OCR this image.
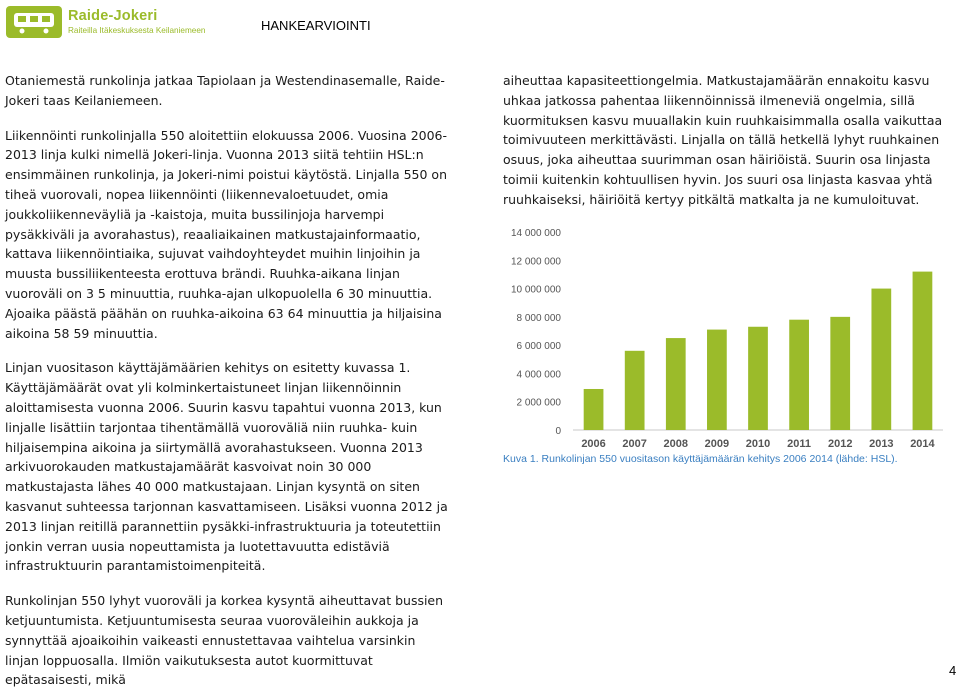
Raide-Jokeri
Raiteilla Itäkeskuksesta Keilaniemeen	HANKEARVIOINTI

Otaniemestä runkolinja jatkaa Tapiolaan ja Westendinasemalle, Raide-Jokeri taas Keilaniemeen.

Liikennöinti runkolinjalla 550 aloitettiin elokuussa 2006. Vuosina 2006-2013 linja kulki nimellä Jokeri-linja. Vuonna 2013 siitä tehtiin HSL:n ensimmäinen runkolinja, ja Jokeri-nimi poistui käytöstä. Linjalla 550 on tiheä vuorovali, nopea liikennöinti (liikennevaloetuudet, omia joukkoliikenneväyliä ja -kaistoja, muita bussilinjoja harvempi pysäkkiväli ja avorahastus), reaaliaikainen matkustajainformaatio, kattava liikennöintiaika, sujuvat vaihdoyhteydet muihin linjoihin ja muusta bussiliikenteesta erottuva brändi. Ruuhka-aikana linjan vuoroväli on 3 5 minuuttia, ruuhka-ajan ulkopuolella 6 30 minuuttia. Ajoaika päästä päähän on ruuhka-aikoina 63 64 minuuttia ja hiljaisina aikoina 58 59 minuuttia.

Linjan vuositason käyttäjämäärien kehitys on esitetty kuvassa 1. Käyttäjämäärät ovat yli kolminkertaistuneet linjan liikennöinnin aloittamisesta vuonna 2006. Suurin kasvu tapahtui vuonna 2013, kun linjalle lisättiin tarjontaa tihentämällä vuoroväliä niin ruuhka- kuin hiljaisempina aikoina ja siirtymällä avorahastukseen. Vuonna 2013 arkivuorokauden matkustajamäärät kasvoivat noin 30 000 matkustajasta lähes 40 000 matkustajaan. Linjan kysyntä on siten kasvanut suhteessa tarjonnan kasvattamiseen. Lisäksi vuonna 2012 ja 2013 linjan reitillä parannettiin pysäkki-infrastruktuuria ja toteutettiin jonkin verran uusia nopeuttamista ja luotettavuutta edistäviä infrastruktuurin parantamistoimenpiteitä.

Runkolinjan 550 lyhyt vuoroväli ja korkea kysyntä aiheuttavat bussien ketjuuntumista. Ketjuuntumisesta seuraa vuoroväleihin aukkoja ja synnyttää ajoaikoihin vaikeasti ennustettavaa vaihtelua varsinkin linjan loppuosalla. Ilmiön vaikutuksesta autot kuormittuvat epätasaisesti, mikä

aiheuttaa kapasiteettiongelmia. Matkustajamäärän ennakoitu kasvu uhkaa jatkossa pahentaa liikennöinnissä ilmeneviä ongelmia, sillä kuormituksen kasvu muuallakin kuin ruuhkaisimmalla osalla vaikuttaa toimivuuteen merkittävästi. Linjalla on tällä hetkellä lyhyt ruuhkainen osuus, joka aiheuttaa suurimman osan häiriöistä. Suurin osa linjasta toimii kuitenkin kohtuullisen hyvin. Jos suuri osa linjasta kasvaa yhtä ruuhkaiseksi, häiriöitä kertyy pitkältä matkalta ja ne kumuloituvat.

0
2 000 000
4 000 000
6 000 000
8 000 000
10 000 000
12 000 000
14 000 000
2006 2007 2008 2009 2010 2011 2012 2013 2014
Kuva 1. Runkolinjan 550 vuositason käyttäjämäärän kehitys 2006 2014 (lähde: HSL).
4
